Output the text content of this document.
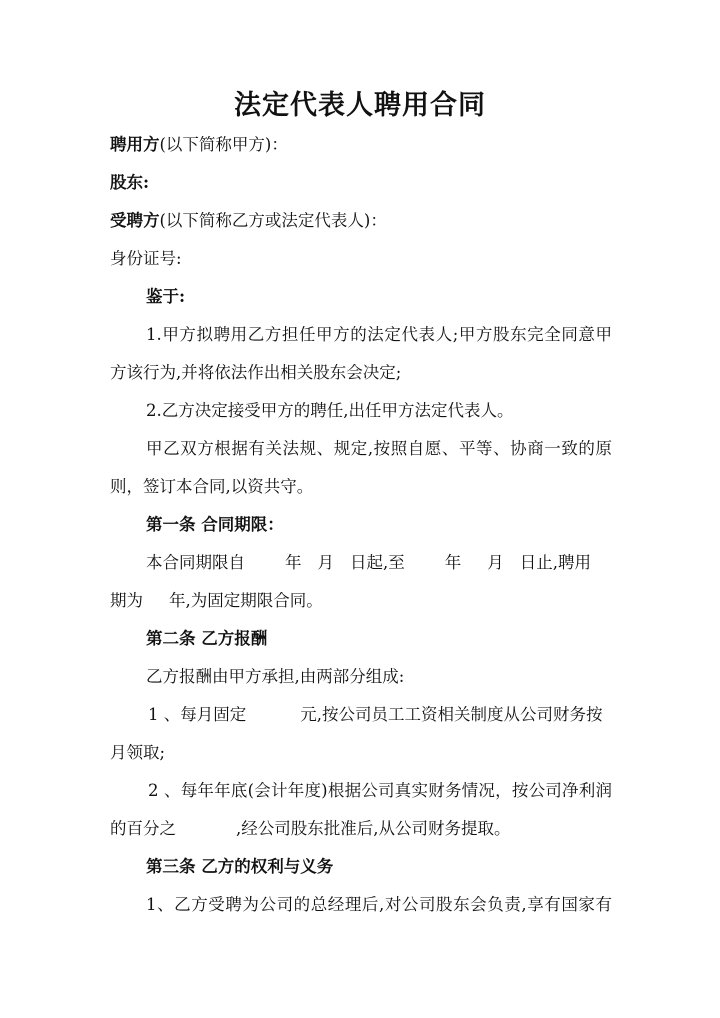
法定代表人聘用合同
聘用方(以下简称甲方)：
股东:
受聘方(以下简称乙方或法定代表人)：
身份证号:
鉴于:
1.甲方拟聘用乙方担任甲方的法定代表人;甲方股东完全同意甲
方该行为,并将依法作出相关股东会决定;
2.乙方决定接受甲方的聘任,出任甲方法定代表人。
甲乙双方根据有关法规、规定,按照自愿、平等、协商一致的原
则，签订本合同,以资共守。
第一条 合同期限：
本合同期限自 年 月 日起,至 年 月 日止,聘用
期为 年,为固定期限合同。
第二条 乙方报酬
乙方报酬由甲方承担,由两部分组成:
1 、每月固定	元,按公司员工工资相关制度从公司财务按
月领取;
2 、每年年底(会计年度)根据公司真实财务情况，按公司净利润
的百分之	,经公司股东批准后,从公司财务提取。
第三条 乙方的权利与义务
1、乙方受聘为公司的总经理后,对公司股东会负责,享有国家有
